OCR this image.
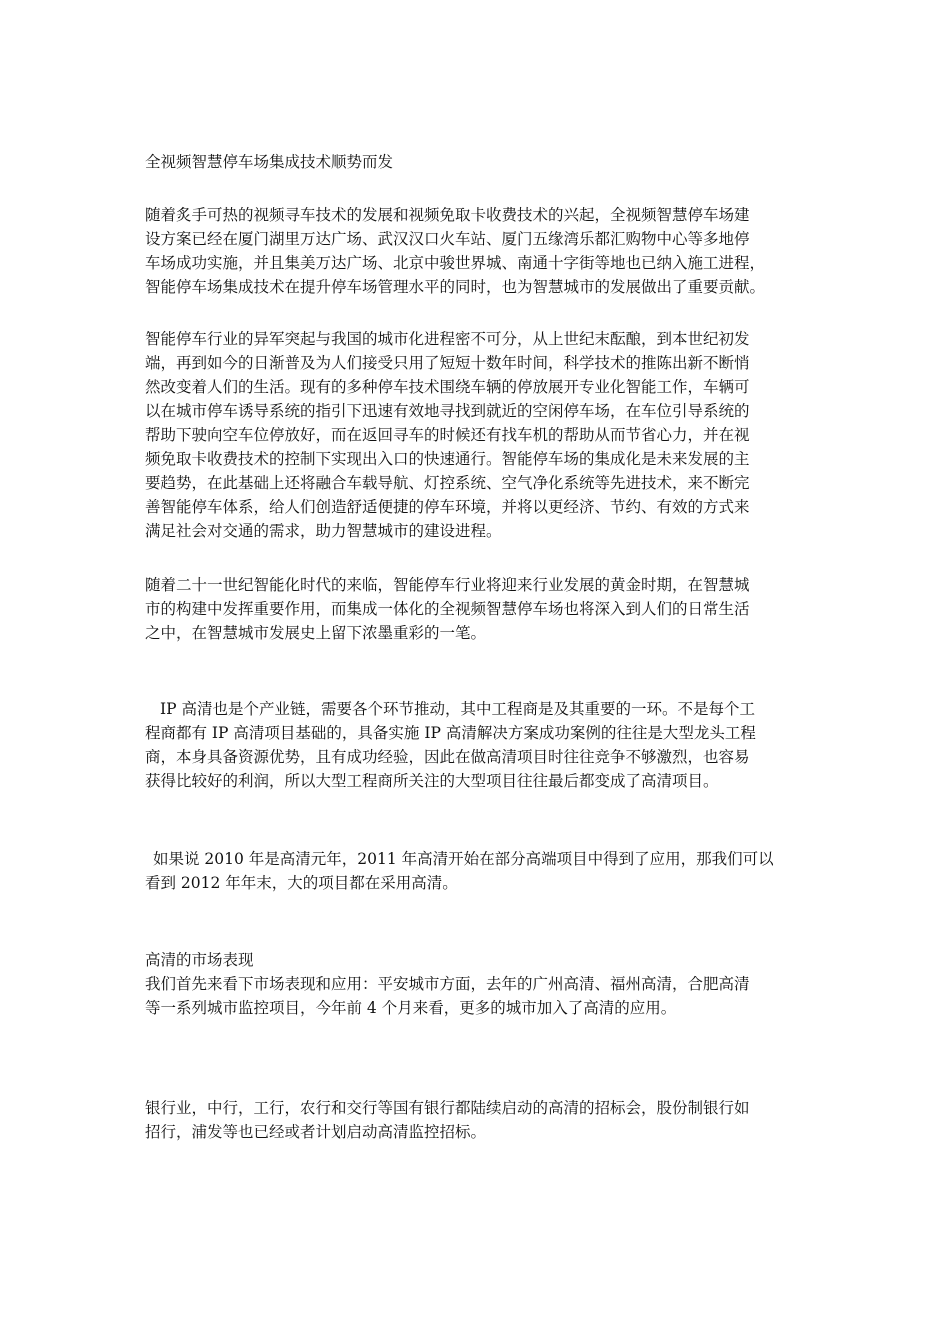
全视频智慧停车场集成技术顺势而发

随着炙手可热的视频寻车技术的发展和视频免取卡收费技术的兴起，全视频智慧停车场建
设方案已经在厦门湖里万达广场、武汉汉口火车站、厦门五缘湾乐都汇购物中心等多地停
车场成功实施，并且集美万达广场、北京中骏世界城、南通十字街等地也已纳入施工进程，
智能停车场集成技术在提升停车场管理水平的同时，也为智慧城市的发展做出了重要贡献。

智能停车行业的异军突起与我国的城市化进程密不可分，从上世纪末酝酿，到本世纪初发
端，再到如今的日渐普及为人们接受只用了短短十数年时间，科学技术的推陈出新不断悄
然改变着人们的生活。现有的多种停车技术围绕车辆的停放展开专业化智能工作，车辆可
以在城市停车诱导系统的指引下迅速有效地寻找到就近的空闲停车场，在车位引导系统的
帮助下驶向空车位停放好，而在返回寻车的时候还有找车机的帮助从而节省心力，并在视
频免取卡收费技术的控制下实现出入口的快速通行。智能停车场的集成化是未来发展的主
要趋势，在此基础上还将融合车载导航、灯控系统、空气净化系统等先进技术，来不断完
善智能停车体系，给人们创造舒适便捷的停车环境，并将以更经济、节约、有效的方式来
满足社会对交通的需求，助力智慧城市的建设进程。

随着二十一世纪智能化时代的来临，智能停车行业将迎来行业发展的黄金时期，在智慧城
市的构建中发挥重要作用，而集成一体化的全视频智慧停车场也将深入到人们的日常生活
之中，在智慧城市发展史上留下浓墨重彩的一笔。

IP 高清也是个产业链，需要各个环节推动，其中工程商是及其重要的一环。不是每个工
程商都有 IP 高清项目基础的，具备实施 IP 高清解决方案成功案例的往往是大型龙头工程
商，本身具备资源优势，且有成功经验，因此在做高清项目时往往竞争不够激烈，也容易
获得比较好的利润，所以大型工程商所关注的大型项目往往最后都变成了高清项目。

如果说 2010 年是高清元年，2011 年高清开始在部分高端项目中得到了应用，那我们可以
看到 2012 年年末，大的项目都在采用高清。

高清的市场表现
我们首先来看下市场表现和应用：平安城市方面，去年的广州高清、福州高清，合肥高清
等一系列城市监控项目，今年前 4 个月来看，更多的城市加入了高清的应用。

银行业，中行，工行，农行和交行等国有银行都陆续启动的高清的招标会，股份制银行如
招行，浦发等也已经或者计划启动高清监控招标。
